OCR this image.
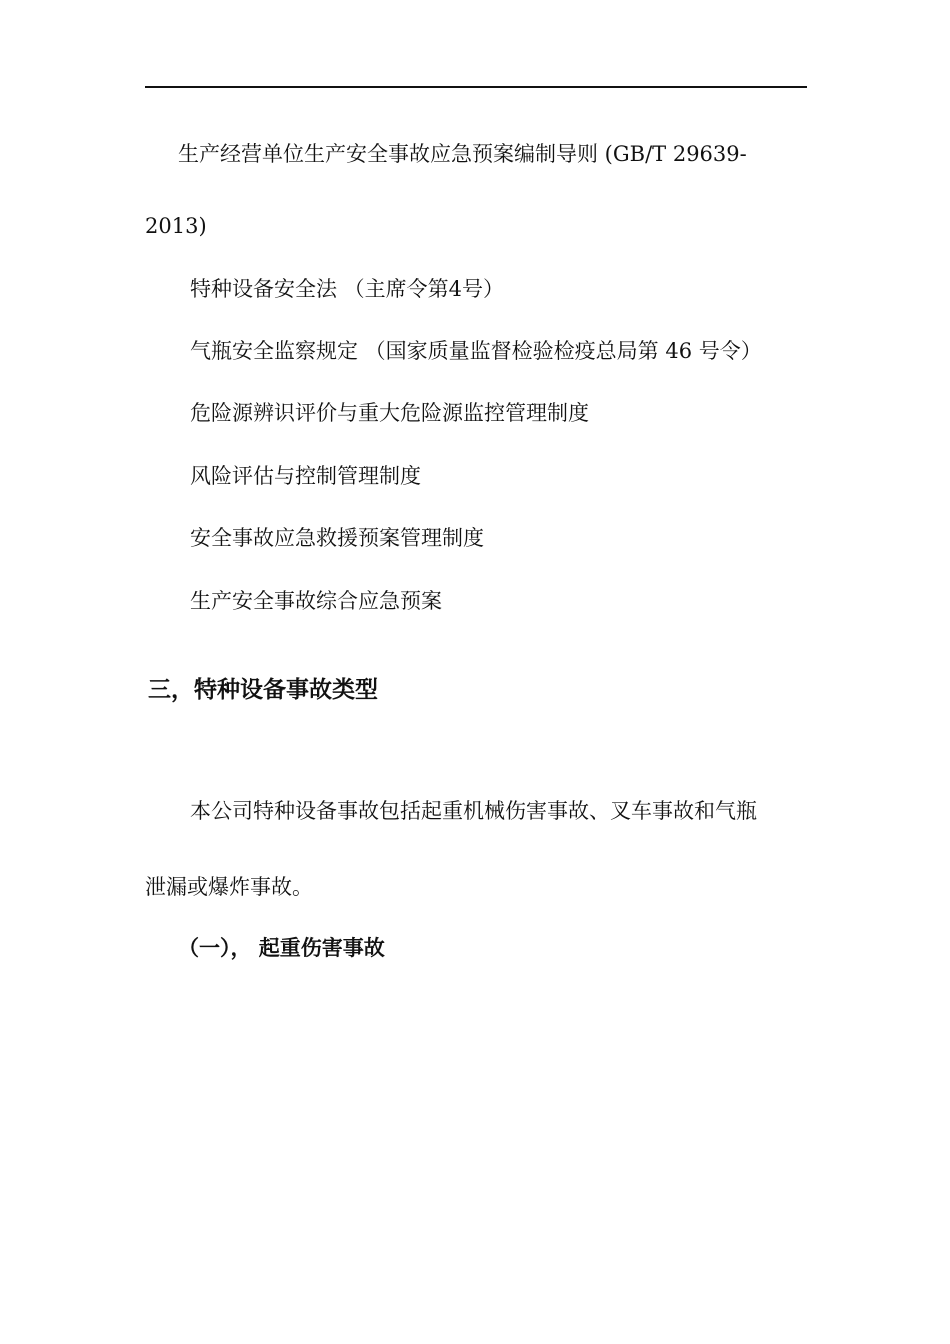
生产经营单位生产安全事故应急预案编制导则 (GB/T 29639-

2013)

特种设备安全法 （主席令第4号）

气瓶安全监察规定 （国家质量监督检验检疫总局第 46 号令）

危险源辨识评价与重大危险源监控管理制度

风险评估与控制管理制度

安全事故应急救援预案管理制度

生产安全事故综合应急预案

三，特种设备事故类型

本公司特种设备事故包括起重机械伤害事故、叉车事故和气瓶

泄漏或爆炸事故。

（一）， 起重伤害事故
